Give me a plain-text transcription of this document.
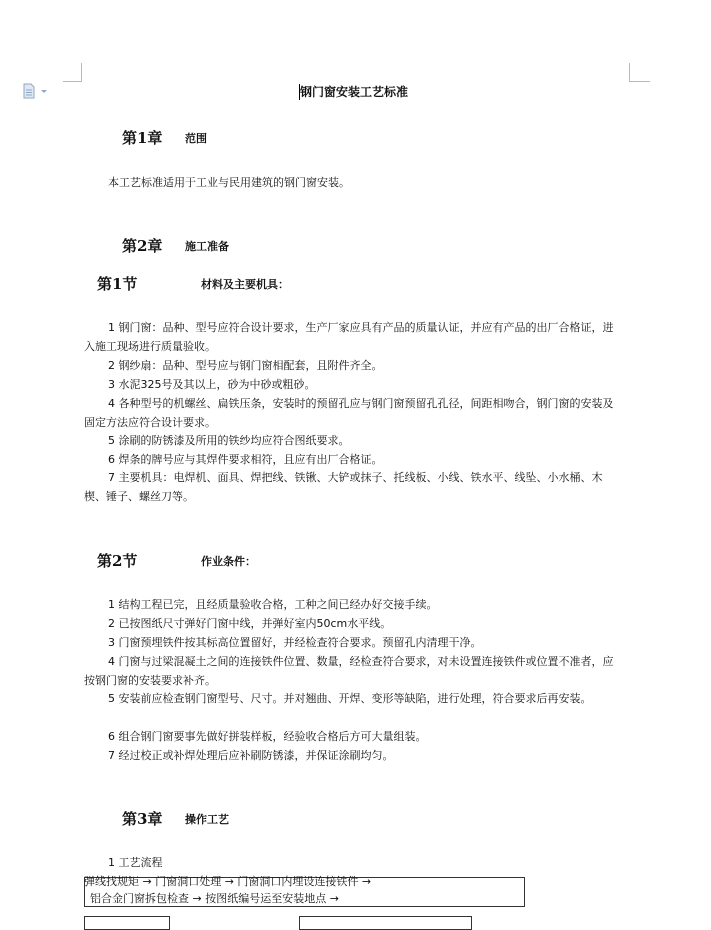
钢门窗安装工艺标准
第1章 范围
本工艺标准适用于工业与民用建筑的钢门窗安装。
第2章 施工准备
第1节	材料及主要机具：
1 钢门窗：品种、型号应符合设计要求，生产厂家应具有产品的质量认证，并应有产品的出厂合格证，进入施工现场进行质量验收。
2 钢纱扇：品种、型号应与钢门窗相配套，且附件齐全。
3 水泥325号及其以上，砂为中砂或粗砂。
4 各种型号的机螺丝、扁铁压条，安装时的预留孔应与钢门窗预留孔孔径，间距相吻合，钢门窗的安装及固定方法应符合设计要求。
5 涂刷的防锈漆及所用的铁纱均应符合图纸要求。
6 焊条的牌号应与其焊件要求相符，且应有出厂合格证。
7 主要机具：电焊机、面具、焊把线、铁锹、大铲或抹子、托线板、小线、铁水平、线坠、小水桶、木楔、锤子、螺丝刀等。
第2节	作业条件：
1 结构工程已完，且经质量验收合格，工种之间已经办好交接手续。
2 已按图纸尺寸弹好门窗中线，并弹好室内50cm水平线。
3 门窗预埋铁件按其标高位置留好，并经检查符合要求。预留孔内清理干净。
4 门窗与过梁混凝土之间的连接铁件位置、数量，经检查符合要求，对未设置连接铁件或位置不准者，应按钢门窗的安装要求补齐。
5 安装前应检查钢门窗型号、尺寸。并对翘曲、开焊、变形等缺陷，进行处理，符合要求后再安装。
6 组合钢门窗要事先做好拼装样板，经验收合格后方可大量组装。
7 经过校正或补焊处理后应补刷防锈漆，并保证涂刷均匀。
第3章 操作工艺
1 工艺流程
弹线找规矩 → 门窗洞口处理 → 门窗洞口内埋设连接铁件 →
铝合金门窗拆包检查 → 按图纸编号运至安装地点 →
